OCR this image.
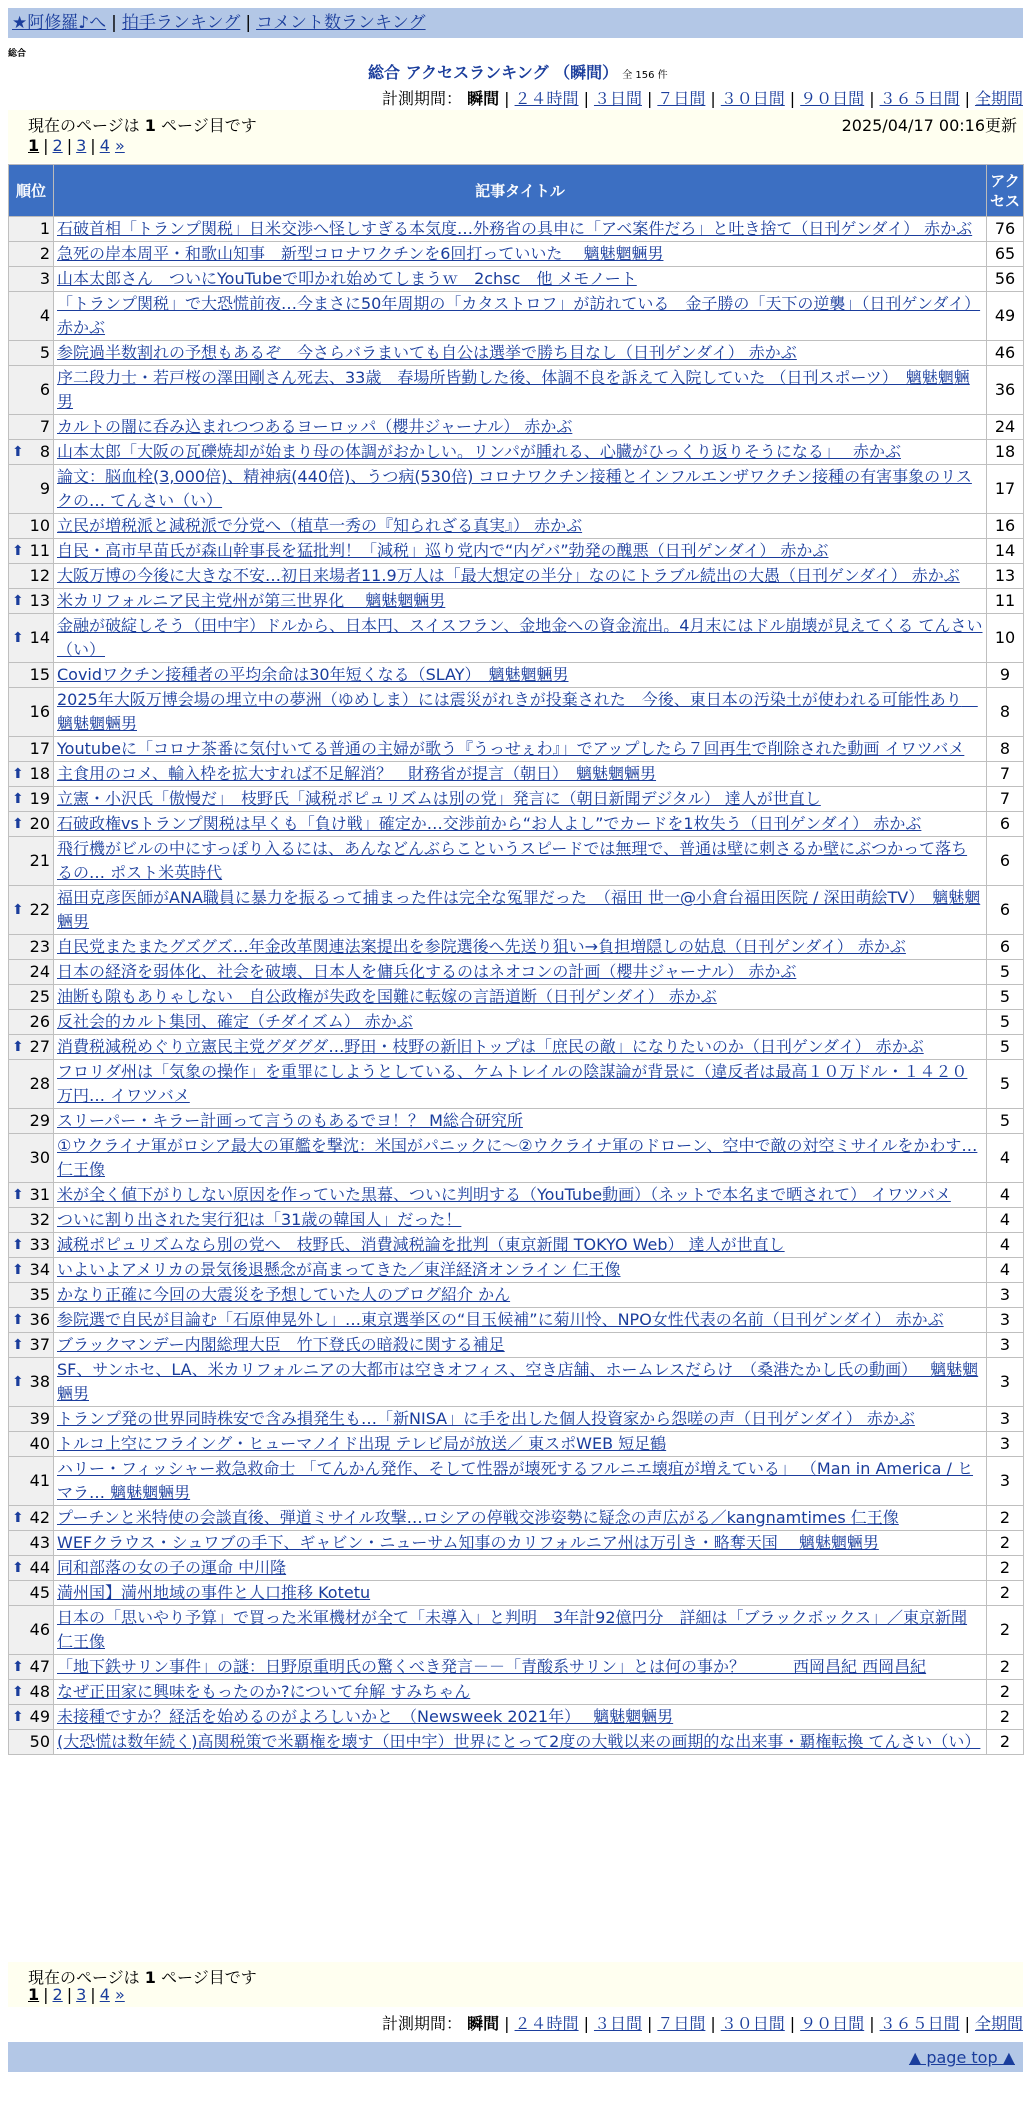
★阿修羅♪へ | 拍手ランキング | コメント数ランキング
総合
総合 アクセスランキング （瞬間） 全 156 件
計測期間： 瞬間 | ２４時間 | ３日間 | ７日間 | ３０日間 | ９０日間 | ３６５日間 | 全期間
現在のページは 1 ページ目です	2025/04/17 00:16更新
1 | 2 | 3 | 4 »
順位	記事タイトル	アクセス
1	石破首相「トランプ関税」日米交渉へ怪しすぎる本気度…外務省の具申に「アベ案件だろ」と吐き捨て（日刊ゲンダイ） 赤かぶ	76
2	急死の岸本周平・和歌山知事　新型コロナワクチンを6回打っていいた　 魑魅魍魎男	65
3	山本太郎さん　ついにYouTubeで叩かれ始めてしまうｗ　2chsc　他 メモノート	56
4	「トランプ関税」で大恐慌前夜…今まさに50年周期の「カタストロフ」が訪れている　金子勝の「天下の逆襲」（日刊ゲンダイ） 赤かぶ	49
5	参院過半数割れの予想もあるぞ　今さらバラまいても自公は選挙で勝ち目なし（日刊ゲンダイ） 赤かぶ	46
6	序二段力士・若戸桜の澤田剛さん死去、33歳　春場所皆勤した後、体調不良を訴えて入院していた （日刊スポーツ）　魑魅魍魎男	36
7	カルトの闇に呑み込まれつつあるヨーロッパ（櫻井ジャーナル） 赤かぶ	24

⬆ 8	山本太郎「大阪の瓦礫焼却が始まり母の体調がおかしい。リンパが腫れる、心臓がひっくり返りそうになる」　 赤かぶ	18
9	論文：脳血栓(3,000倍)、精神病(440倍)、うつ病(530倍) コロナワクチン接種とインフルエンザワクチン接種の有害事象のリスクの… てんさい（い）	17
10	立民が増税派と減税派で分党へ（植草一秀の『知られざる真実』） 赤かぶ	16

⬆ 11	自民・高市早苗氏が森山幹事長を猛批判！「減税」巡り党内で“内ゲバ”勃発の醜悪（日刊ゲンダイ） 赤かぶ	14
12	大阪万博の今後に大きな不安…初日来場者11.9万人は「最大想定の半分」なのにトラブル続出の大愚（日刊ゲンダイ） 赤かぶ	13

⬆ 13	米カリフォルニア民主党州が第三世界化　 魑魅魍魎男	11

⬆ 14	金融が破綻しそう（田中宇）ドルから、日本円、スイスフラン、金地金への資金流出。4月末にはドル崩壊が見えてくる てんさい（い）	10
15	Covidワクチン接種者の平均余命は30年短くなる（SLAY）　魑魅魍魎男	9
16	2025年大阪万博会場の埋立中の夢洲（ゆめしま）には震災がれきが投棄された　今後、東日本の汚染土が使われる可能性あり　魑魅魍魎男	8
17	Youtubeに「コロナ茶番に気付いてる普通の主婦が歌う『うっせぇわ』」でアップしたら７回再生で削除された動画 イワツバメ	8

⬆ 18	主食用のコメ、輸入枠を拡大すれば不足解消？　財務省が提言（朝日）　魑魅魍魎男	7

⬆ 19	立憲・小沢氏「傲慢だ」　枝野氏「減税ポピュリズムは別の党」発言に（朝日新聞デジタル） 達人が世直し	7

⬆ 20	石破政権vsトランプ関税は早くも「負け戦」確定か…交渉前から“お人よし”でカードを1枚失う（日刊ゲンダイ） 赤かぶ	6
21	飛行機がビルの中にすっぽり入るには、あんなどんぶらこというスピードでは無理で、普通は壁に刺さるか壁にぶつかって落ちるの… ポスト米英時代	6

⬆ 22	福田克彦医師がANA職員に暴力を振るって捕まった件は完全な冤罪だった　（福田 世一@小倉台福田医院 / 深田萌絵TV）　魑魅魍魎男	6
23	自民党またまたグズグズ…年金改革関連法案提出を参院選後へ先送り狙い→負担増隠しの姑息（日刊ゲンダイ） 赤かぶ	6
24	日本の経済を弱体化、社会を破壊、日本人を傭兵化するのはネオコンの計画（櫻井ジャーナル） 赤かぶ	5
25	油断も隙もありゃしない　自公政権が失政を国難に転嫁の言語道断（日刊ゲンダイ） 赤かぶ	5
26	反社会的カルト集団、確定（チダイズム） 赤かぶ	5

⬆ 27	消費税減税めぐり立憲民主党グダグダ…野田・枝野の新旧トップは「庶民の敵」になりたいのか（日刊ゲンダイ） 赤かぶ	5
28	フロリダ州は「気象の操作」を重罪にしようとしている、ケムトレイルの陰謀論が背景に（違反者は最高１０万ドル・１４２０万円… イワツバメ	5
29	スリーパー・キラー計画って言うのもあるでヨ！？ M総合研究所	5
30	①ウクライナ軍がロシア最大の軍艦を撃沈：米国がパニックに～②ウクライナ軍のドローン、空中で敵の対空ミサイルをかわす… 仁王像	4

⬆ 31	米が全く値下がりしない原因を作っていた黒幕、ついに判明する（YouTube動画）（ネットで本名まで晒されて） イワツバメ	4
32	ついに割り出された実行犯は「31歳の韓国人」だった！	4

⬆ 33	減税ポピュリズムなら別の党へ　枝野氏、消費減税論を批判（東京新聞 TOKYO Web） 達人が世直し	4

⬆ 34	いよいよアメリカの景気後退懸念が高まってきた／東洋経済オンライン 仁王像	4
35	かなり正確に今回の大震災を予想していた人のブログ紹介 かん	3

⬆ 36	参院選で自民が目論む「石原伸晃外し」…東京選挙区の“目玉候補”に菊川怜、NPO女性代表の名前（日刊ゲンダイ） 赤かぶ	3

⬆ 37	ブラックマンデー内閣総理大臣　竹下登氏の暗殺に関する補足	3

⬆ 38	SF、サンホセ、LA、米カリフォルニアの大都市は空きオフィス、空き店舗、ホームレスだらけ　（桑港たかし氏の動画）　 魑魅魍魎男	3
39	トランプ発の世界同時株安で含み損発生も…「新NISA」に手を出した個人投資家から怨嗟の声（日刊ゲンダイ） 赤かぶ	3
40	トルコ上空にフライング・ヒューマノイド出現 テレビ局が放送／ 東スポWEB 短足鶴	3
41	ハリー・フィッシャー救急救命士 「てんかん発作、そして性器が壊死するフルニエ壊疽が増えている」 （Man in America / ヒマラ… 魑魅魍魎男	3

⬆ 42	プーチンと米特使の会談直後、弾道ミサイル攻撃…ロシアの停戦交渉姿勢に疑念の声広がる／kangnamtimes 仁王像	2
43	WEFクラウス・シュワブの手下、ギャビン・ニューサム知事のカリフォルニア州は万引き・略奪天国　 魑魅魍魎男	2

⬆ 44	同和部落の女の子の運命 中川隆	2
45	満州国】満州地域の事件と人口推移 Kotetu	2
46	日本の「思いやり予算」で買った米軍機材が全て「未導入」と判明　3年計92億円分　詳細は「ブラックボックス」／東京新聞 仁王像	2

⬆ 47	「地下鉄サリン事件」の謎：日野原重明氏の驚くべき発言－－「青酸系サリン」とは何の事か？　　　西岡昌紀 西岡昌紀	2

⬆ 48	なぜ正田家に興味をもったのか?について弁解 すみちゃん	2

⬆ 49	未接種ですか？経活を始めるのがよろしいかと　（Newsweek 2021年）　 魑魅魍魎男	2
50	(大恐慌は数年続く)高関税策で米覇権を壊す（田中宇）世界にとって2度の大戦以来の画期的な出来事・覇権転換 てんさい（い）	2
現在のページは 1 ページ目です
1 | 2 | 3 | 4 »
計測期間： 瞬間 | ２４時間 | ３日間 | ７日間 | ３０日間 | ９０日間 | ３６５日間 | 全期間
▲ page top ▲
